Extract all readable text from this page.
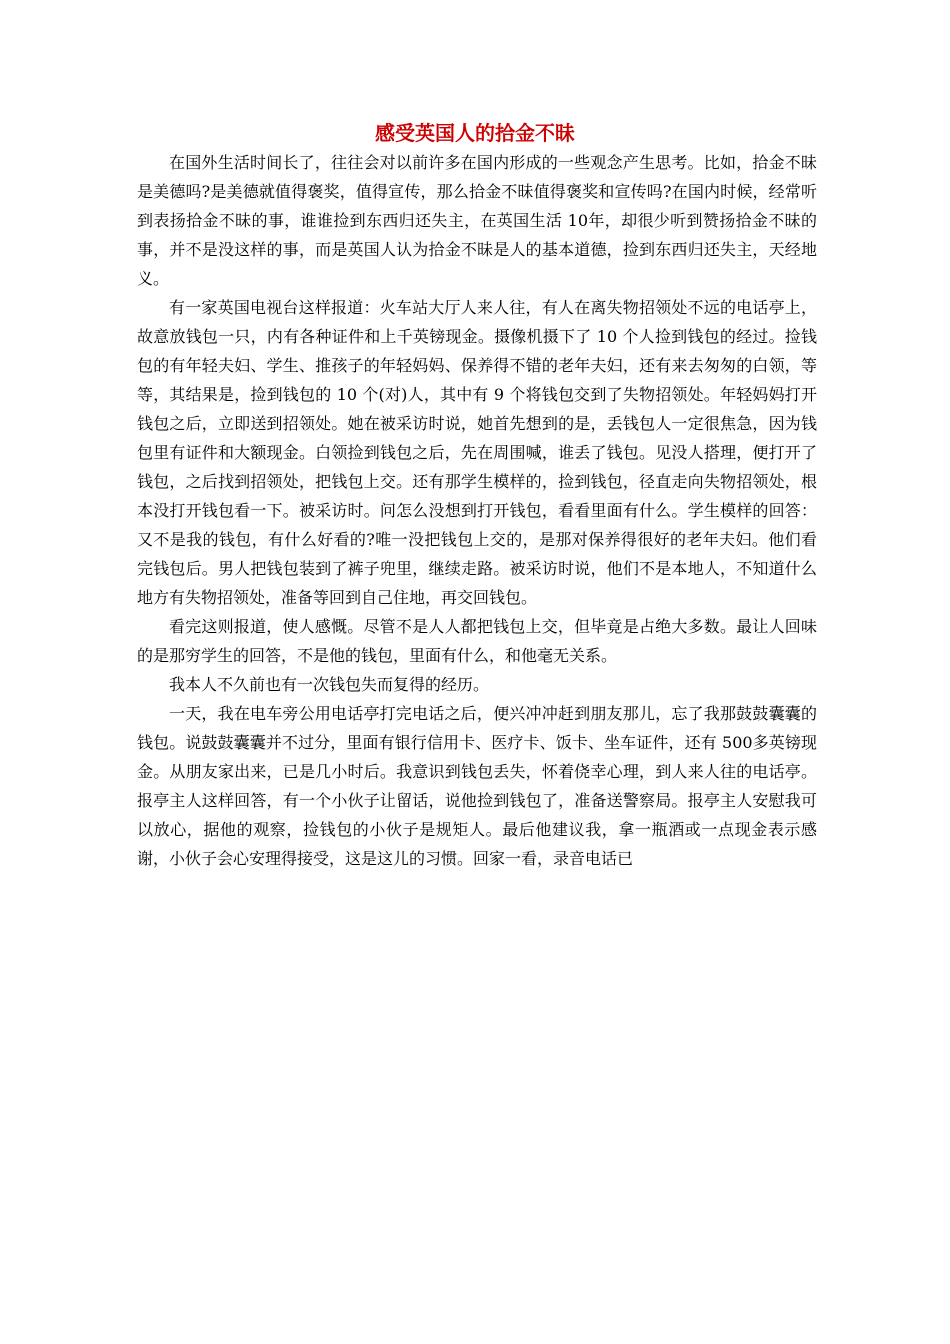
感受英国人的拾金不昧

在国外生活时间长了，往往会对以前许多在国内形成的一些观念产生思考。比如，拾金不昧是美德吗?是美德就值得褒奖，值得宣传，那么拾金不昧值得褒奖和宣传吗?在国内时候，经常听到表扬拾金不昧的事，谁谁捡到东西归还失主，在英国生活 10年，却很少听到赞扬拾金不昧的事，并不是没这样的事，而是英国人认为拾金不昧是人的基本道德，捡到东西归还失主，天经地义。

有一家英国电视台这样报道：火车站大厅人来人往，有人在离失物招领处不远的电话亭上，故意放钱包一只，内有各种证件和上千英镑现金。摄像机摄下了 10 个人捡到钱包的经过。捡钱包的有年轻夫妇、学生、推孩子的年轻妈妈、保养得不错的老年夫妇，还有来去匆匆的白领，等等，其结果是，捡到钱包的 10 个(对)人，其中有 9 个将钱包交到了失物招领处。年轻妈妈打开钱包之后，立即送到招领处。她在被采访时说，她首先想到的是，丢钱包人一定很焦急，因为钱包里有证件和大额现金。白领捡到钱包之后，先在周围喊，谁丢了钱包。见没人搭理，便打开了钱包，之后找到招领处，把钱包上交。还有那学生模样的，捡到钱包，径直走向失物招领处，根本没打开钱包看一下。被采访时。问怎么没想到打开钱包，看看里面有什么。学生模样的回答：又不是我的钱包，有什么好看的?唯一没把钱包上交的，是那对保养得很好的老年夫妇。他们看完钱包后。男人把钱包装到了裤子兜里，继续走路。被采访时说，他们不是本地人，不知道什么地方有失物招领处，准备等回到自己住地，再交回钱包。

看完这则报道，使人感慨。尽管不是人人都把钱包上交，但毕竟是占绝大多数。最让人回味的是那穷学生的回答，不是他的钱包，里面有什么，和他毫无关系。

我本人不久前也有一次钱包失而复得的经历。

一天，我在电车旁公用电话亭打完电话之后，便兴冲冲赶到朋友那儿，忘了我那鼓鼓囊囊的钱包。说鼓鼓囊囊并不过分，里面有银行信用卡、医疗卡、饭卡、坐车证件，还有 500多英镑现金。从朋友家出来，已是几小时后。我意识到钱包丢失，怀着侥幸心理，到人来人往的电话亭。报亭主人这样回答，有一个小伙子让留话，说他捡到钱包了，准备送警察局。报亭主人安慰我可以放心，据他的观察，捡钱包的小伙子是规矩人。最后他建议我，拿一瓶酒或一点现金表示感谢，小伙子会心安理得接受，这是这儿的习惯。回家一看，录音电话已
